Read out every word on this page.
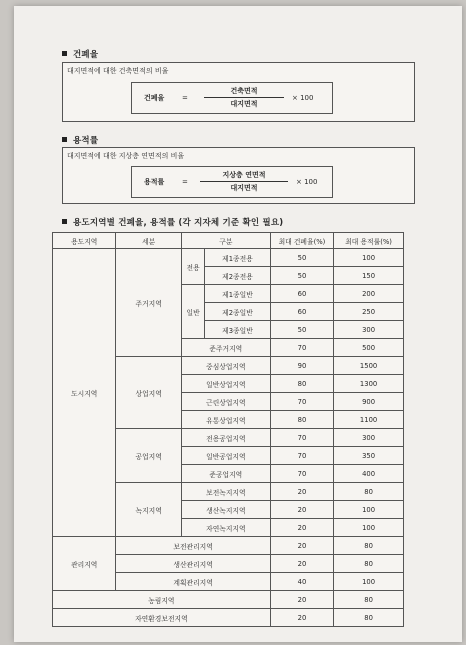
건폐율
대지면적에 대한 건축면적의 비율
건폐율	=
건축면적
대지면적
× 100
용적률
대지면적에 대한 지상층 연면적의 비율
용적률	=
지상층 연면적
대지면적
× 100
용도지역별 건폐율, 용적률 (각 지자체 기준 확인 필요)
용도지역	세분	구분		최대 건폐율(%)	최대 용적률(%)
도시지역	주거지역	전용	제1종전용	50	100
			제2종전용	50	150
		일반	제1종일반	60	200
			제2종일반	60	250
			제3종일반	50	300
		준주거지역		70	500
	상업지역	중심상업지역		90	1500
		일반상업지역		80	1300
		근린상업지역		70	900
		유통상업지역		80	1100
	공업지역	전용공업지역		70	300
		일반공업지역		70	350
		준공업지역		70	400
	녹지지역	보전녹지지역		20	80
		생산녹지지역		20	100
		자연녹지지역		20	100
관리지역	보전관리지역			20	80
	생산관리지역			20	80
	계획관리지역			40	100
농림지역				20	80
자연환경보전지역				20	80
